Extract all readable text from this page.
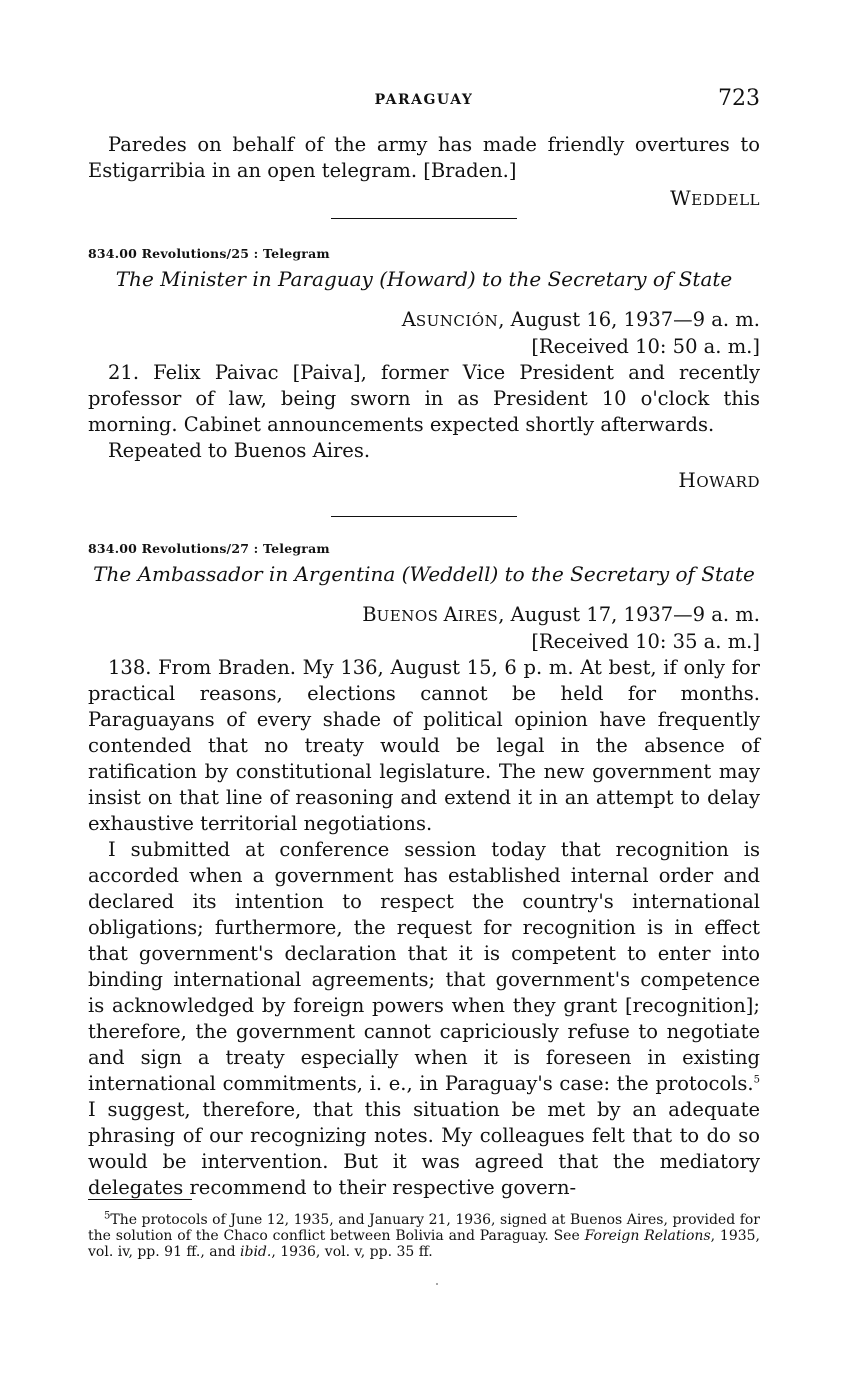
PARAGUAY	723

Paredes on behalf of the army has made friendly overtures to Estigarribia in an open telegram. [Braden.]

WEDDELL

834.00 Revolutions/25 : Telegram

The Minister in Paraguay (Howard) to the Secretary of State

ASUNCIÓN, August 16, 1937—9 a. m.

[Received 10: 50 a. m.]

21. Felix Paivac [Paiva], former Vice President and recently professor of law, being sworn in as President 10 o'clock this morning. Cabinet announcements expected shortly afterwards.

Repeated to Buenos Aires.

HOWARD

834.00 Revolutions/27 : Telegram

The Ambassador in Argentina (Weddell) to the Secretary of State

BUENOS AIRES, August 17, 1937—9 a. m.

[Received 10: 35 a. m.]

138. From Braden. My 136, August 15, 6 p. m. At best, if only for practical reasons, elections cannot be held for months. Paraguayans of every shade of political opinion have frequently contended that no treaty would be legal in the absence of ratification by constitutional legislature. The new government may insist on that line of reasoning and extend it in an attempt to delay exhaustive territorial negotiations.

I submitted at conference session today that recognition is accorded when a government has established internal order and declared its intention to respect the country's international obligations; furthermore, the request for recognition is in effect that government's declaration that it is competent to enter into binding international agreements; that government's competence is acknowledged by foreign powers when they grant [recognition]; therefore, the government cannot capriciously refuse to negotiate and sign a treaty especially when it is foreseen in existing international commitments, i. e., in Paraguay's case: the protocols.$^5$ I suggest, therefore, that this situation be met by an adequate phrasing of our recognizing notes. My colleagues felt that to do so would be intervention. But it was agreed that the mediatory delegates recommend to their respective govern-

$^5$The protocols of June 12, 1935, and January 21, 1936, signed at Buenos Aires, provided for the solution of the Chaco conflict between Bolivia and Paraguay. See Foreign Relations, 1935, vol. iv, pp. 91 ff., and ibid., 1936, vol. v, pp. 35 ff.
